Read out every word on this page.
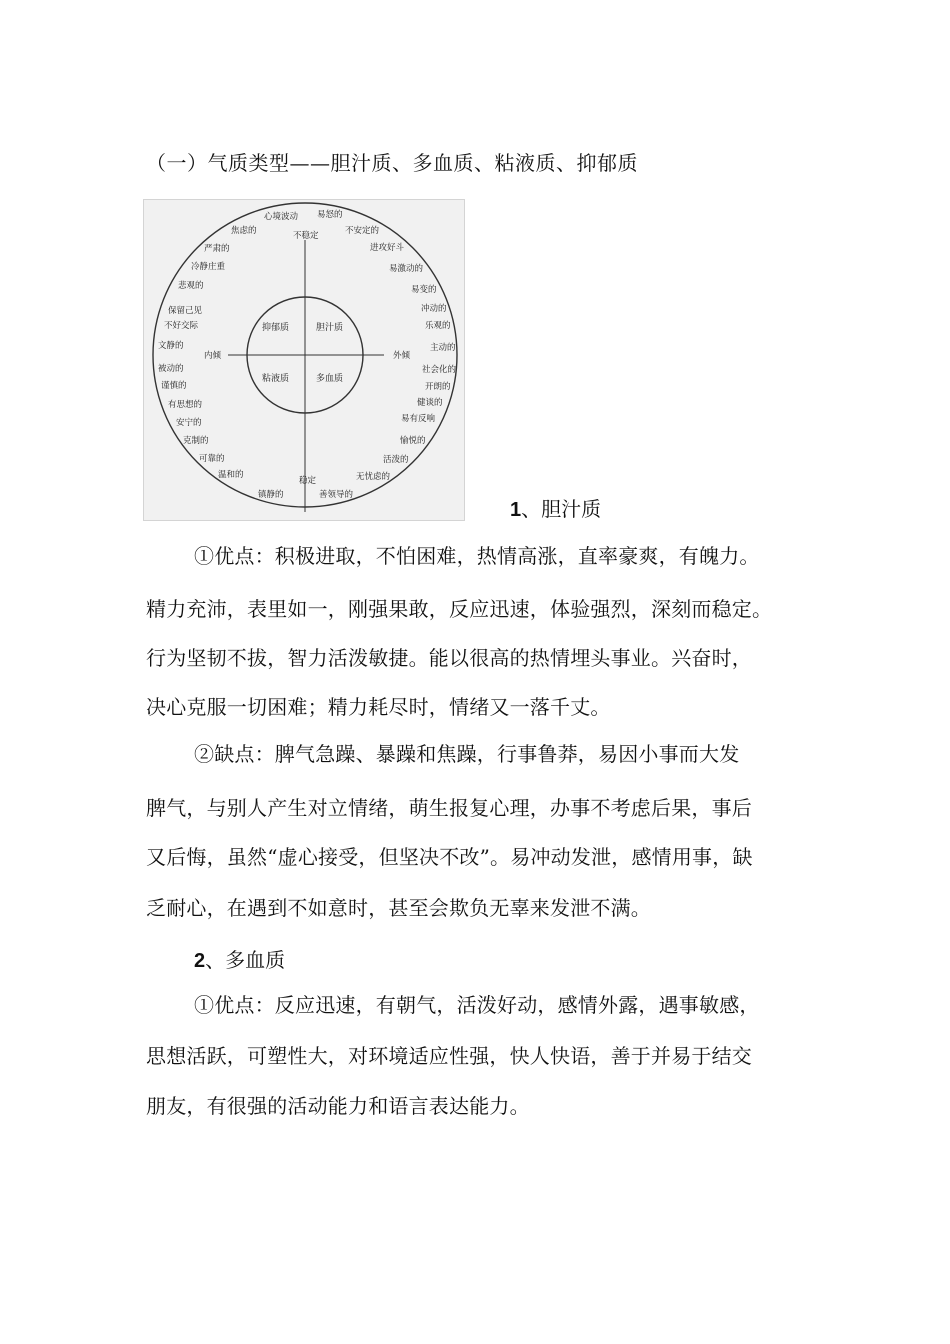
（一）气质类型——胆汁质、多血质、粘液质、抑郁质
心境波动 易怒的
焦虑的	不安定的
严肃的	进攻好斗
冷静庄重	易激动的
悲观的	易变的
保留己见	冲动的
不好交际	乐观的
文静的	主动的
被动的	社会化的
谨慎的	开朗的
有思想的	健谈的
安宁的	易有反响
克制的	愉悦的
可靠的	活泼的
温和的	无忧虑的
镇静的	善领导的
不稳定
内倾	外倾
稳定
抑郁质	胆汁质
粘液质	多血质
1、胆汁质
①优点：积极进取，不怕困难，热情高涨，直率豪爽，有魄力。
精力充沛，表里如一，刚强果敢，反应迅速，体验强烈，深刻而稳定。
行为坚韧不拔，智力活泼敏捷。能以很高的热情埋头事业。兴奋时，
决心克服一切困难；精力耗尽时，情绪又一落千丈。
②缺点：脾气急躁、暴躁和焦躁，行事鲁莽，易因小事而大发
脾气，与别人产生对立情绪，萌生报复心理，办事不考虑后果，事后
又后悔，虽然“虚心接受，但坚决不改”。易冲动发泄，感情用事，缺
乏耐心，在遇到不如意时，甚至会欺负无辜来发泄不满。
2、多血质
①优点：反应迅速，有朝气，活泼好动，感情外露，遇事敏感，
思想活跃，可塑性大，对环境适应性强，快人快语，善于并易于结交
朋友，有很强的活动能力和语言表达能力。
